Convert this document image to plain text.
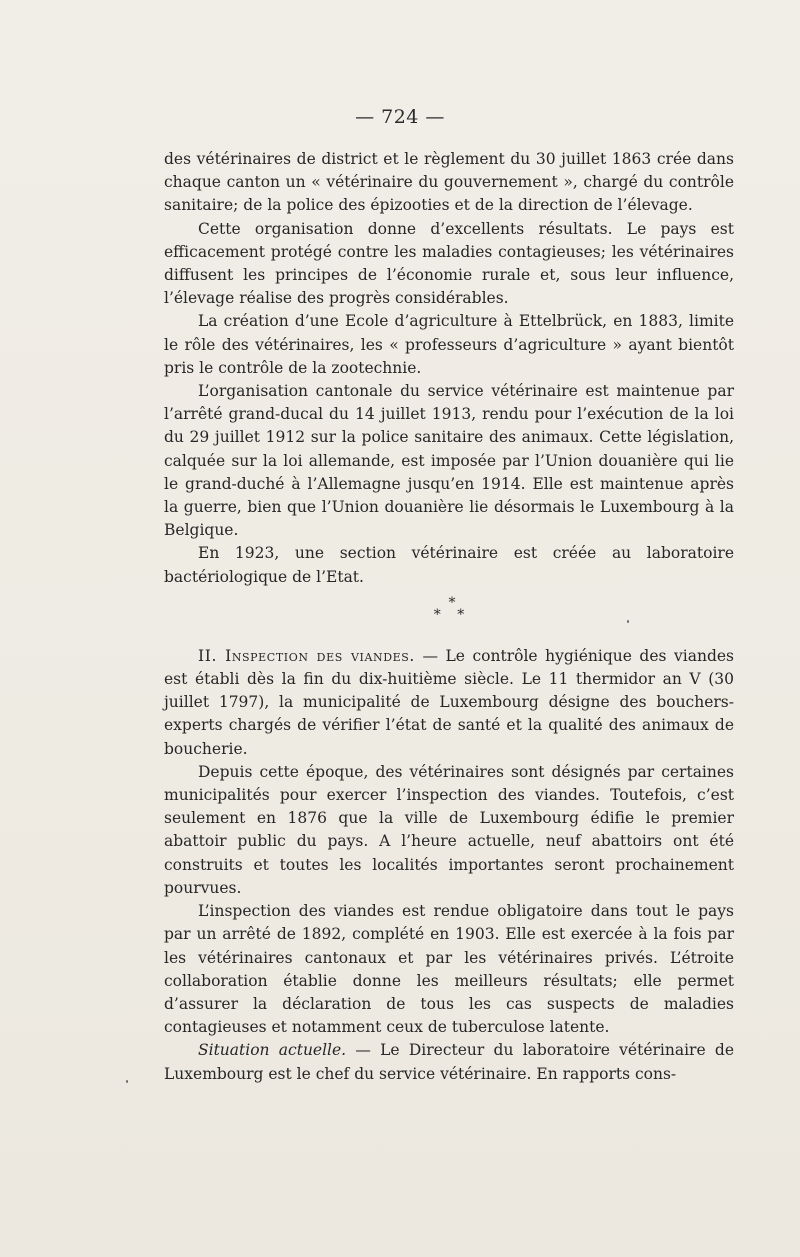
— 724 —

des vétérinaires de district et le règlement du 30 juillet 1863 crée dans chaque canton un « vétérinaire du gouvernement », chargé du contrôle sanitaire; de la police des épizooties et de la direction de l’élevage.

Cette organisation donne d’excellents résultats. Le pays est efficacement protégé contre les maladies contagieuses; les vétérinaires diffusent les principes de l’économie rurale et, sous leur influence, l’élevage réalise des progrès considérables.

La création d’une Ecole d’agriculture à Ettelbrück, en 1883, limite le rôle des vétérinaires, les « professeurs d’agriculture » ayant bientôt pris le contrôle de la zootechnie.

L’organisation cantonale du service vétérinaire est maintenue par l’arrêté grand-ducal du 14 juillet 1913, rendu pour l’exécution de la loi du 29 juillet 1912 sur la police sanitaire des animaux. Cette législation, calquée sur la loi allemande, est imposée par l’Union douanière qui lie le grand-duché à l’Allemagne jusqu’en 1914. Elle est maintenue après la guerre, bien que l’Union douanière lie désormais le Luxembourg à la Belgique.

En 1923, une section vétérinaire est créée au laboratoire bactériologique de l’Etat.

*
* *

II. Inspection des viandes. — Le contrôle hygiénique des viandes est établi dès la fin du dix-huitième siècle. Le 11 thermidor an V (30 juillet 1797), la municipalité de Luxembourg désigne des bouchers-experts chargés de vérifier l’état de santé et la qualité des animaux de boucherie.

Depuis cette époque, des vétérinaires sont désignés par certaines municipalités pour exercer l’inspection des viandes. Toutefois, c’est seulement en 1876 que la ville de Luxembourg édifie le premier abattoir public du pays. A l’heure actuelle, neuf abattoirs ont été construits et toutes les localités importantes seront prochainement pourvues.

L’inspection des viandes est rendue obligatoire dans tout le pays par un arrêté de 1892, complété en 1903. Elle est exercée à la fois par les vétérinaires cantonaux et par les vétérinaires privés. L’étroite collaboration établie donne les meilleurs résultats; elle permet d’assurer la déclaration de tous les cas suspects de maladies contagieuses et notamment ceux de tuberculose latente.

Situation actuelle. — Le Directeur du laboratoire vétérinaire de Luxembourg est le chef du service vétérinaire. En rapports cons-
